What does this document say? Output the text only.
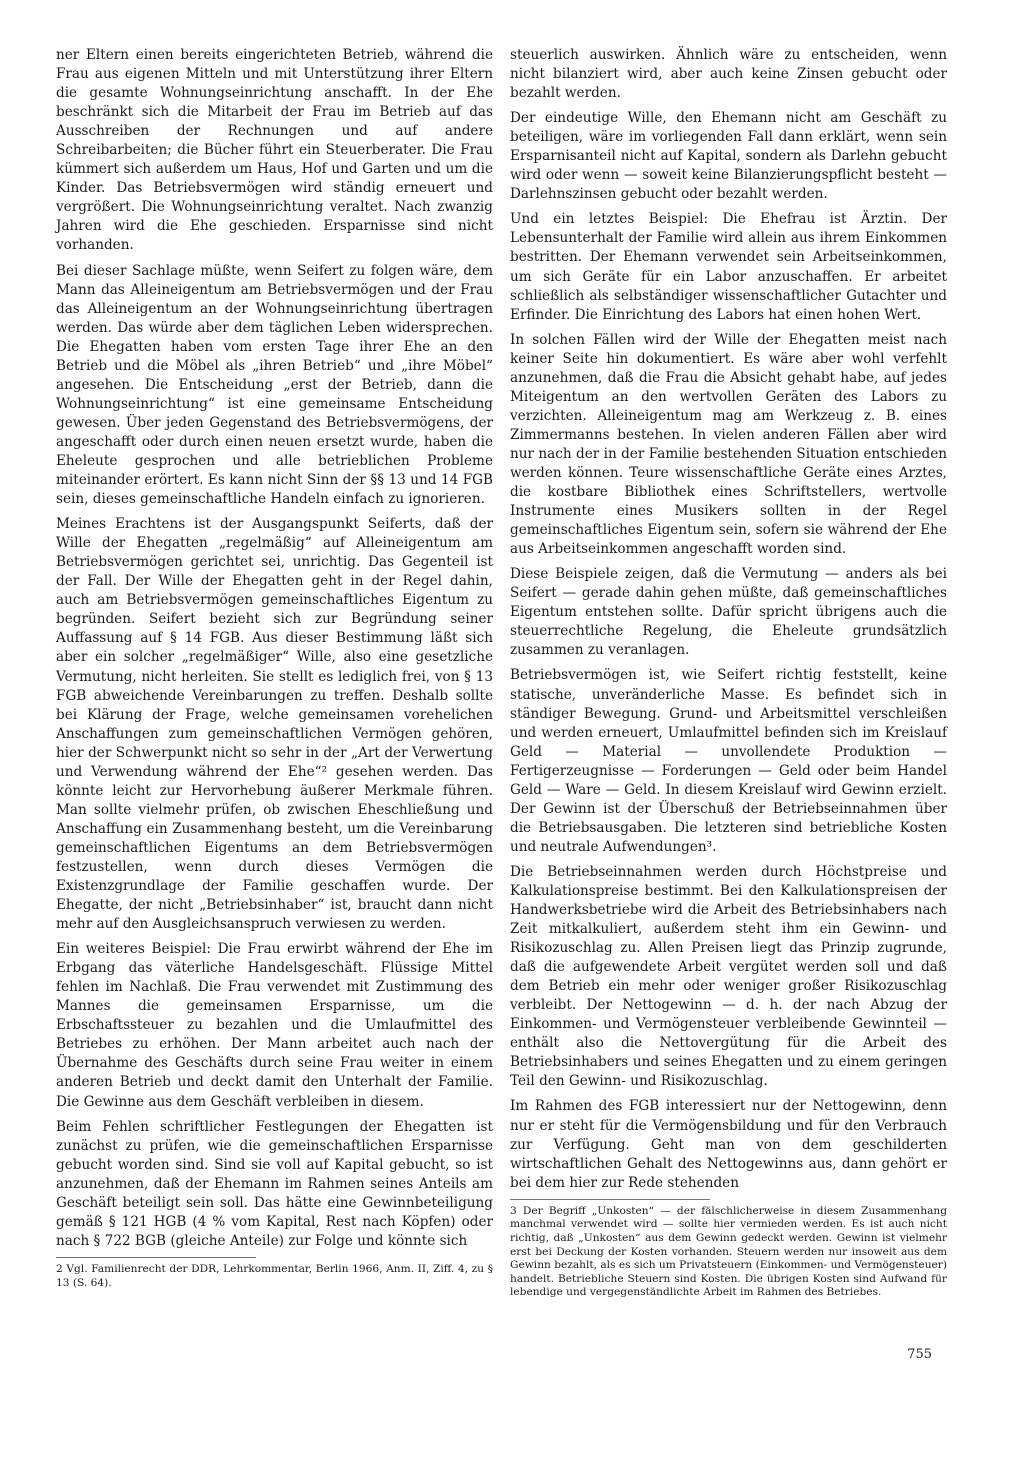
ner Eltern einen bereits eingerichteten Betrieb, während die Frau aus eigenen Mitteln und mit Unterstützung ihrer Eltern die gesamte Wohnungseinrichtung anschafft. In der Ehe beschränkt sich die Mitarbeit der Frau im Betrieb auf das Ausschreiben der Rechnungen und auf andere Schreibarbeiten; die Bücher führt ein Steuerberater. Die Frau kümmert sich außerdem um Haus, Hof und Garten und um die Kinder. Das Betriebsvermögen wird ständig erneuert und vergrößert. Die Wohnungseinrichtung veraltet. Nach zwanzig Jahren wird die Ehe geschieden. Ersparnisse sind nicht vorhanden.

Bei dieser Sachlage müßte, wenn Seifert zu folgen wäre, dem Mann das Alleineigentum am Betriebsvermögen und der Frau das Alleineigentum an der Wohnungseinrichtung übertragen werden. Das würde aber dem täglichen Leben widersprechen. Die Ehegatten haben vom ersten Tage ihrer Ehe an den Betrieb und die Möbel als „ihren Betrieb“ und „ihre Möbel“ angesehen. Die Entscheidung „erst der Betrieb, dann die Wohnungseinrichtung“ ist eine gemeinsame Entscheidung gewesen. Über jeden Gegenstand des Betriebsvermögens, der angeschafft oder durch einen neuen ersetzt wurde, haben die Eheleute gesprochen und alle betrieblichen Probleme miteinander erörtert. Es kann nicht Sinn der §§ 13 und 14 FGB sein, dieses gemeinschaftliche Handeln einfach zu ignorieren.

Meines Erachtens ist der Ausgangspunkt Seiferts, daß der Wille der Ehegatten „regelmäßig“ auf Alleineigentum am Betriebsvermögen gerichtet sei, unrichtig. Das Gegenteil ist der Fall. Der Wille der Ehegatten geht in der Regel dahin, auch am Betriebsvermögen gemeinschaftliches Eigentum zu begründen. Seifert bezieht sich zur Begründung seiner Auffassung auf § 14 FGB. Aus dieser Bestimmung läßt sich aber ein solcher „regelmäßiger“ Wille, also eine gesetzliche Vermutung, nicht herleiten. Sie stellt es lediglich frei, von § 13 FGB abweichende Vereinbarungen zu treffen. Deshalb sollte bei Klärung der Frage, welche gemeinsamen vorehelichen Anschaffungen zum gemeinschaftlichen Vermögen gehören, hier der Schwerpunkt nicht so sehr in der „Art der Verwertung und Verwendung während der Ehe“² gesehen werden. Das könnte leicht zur Hervorhebung äußerer Merkmale führen. Man sollte vielmehr prüfen, ob zwischen Eheschließung und Anschaffung ein Zusammenhang besteht, um die Vereinbarung gemeinschaftlichen Eigentums an dem Betriebsvermögen festzustellen, wenn durch dieses Vermögen die Existenzgrundlage der Familie geschaffen wurde. Der Ehegatte, der nicht „Betriebsinhaber“ ist, braucht dann nicht mehr auf den Ausgleichsanspruch verwiesen zu werden.

Ein weiteres Beispiel: Die Frau erwirbt während der Ehe im Erbgang das väterliche Handelsgeschäft. Flüssige Mittel fehlen im Nachlaß. Die Frau verwendet mit Zustimmung des Mannes die gemeinsamen Ersparnisse, um die Erbschaftssteuer zu bezahlen und die Umlaufmittel des Betriebes zu erhöhen. Der Mann arbeitet auch nach der Übernahme des Geschäfts durch seine Frau weiter in einem anderen Betrieb und deckt damit den Unterhalt der Familie. Die Gewinne aus dem Geschäft verbleiben in diesem.

Beim Fehlen schriftlicher Festlegungen der Ehegatten ist zunächst zu prüfen, wie die gemeinschaftlichen Ersparnisse gebucht worden sind. Sind sie voll auf Kapital gebucht, so ist anzunehmen, daß der Ehemann im Rahmen seines Anteils am Geschäft beteiligt sein soll. Das hätte eine Gewinnbeteiligung gemäß § 121 HGB (4 % vom Kapital, Rest nach Köpfen) oder nach § 722 BGB (gleiche Anteile) zur Folge und könnte sich

2 Vgl. Familienrecht der DDR, Lehrkommentar, Berlin 1966, Anm. II, Ziff. 4, zu § 13 (S. 64).

steuerlich auswirken. Ähnlich wäre zu entscheiden, wenn nicht bilanziert wird, aber auch keine Zinsen gebucht oder bezahlt werden.

Der eindeutige Wille, den Ehemann nicht am Geschäft zu beteiligen, wäre im vorliegenden Fall dann erklärt, wenn sein Ersparnisanteil nicht auf Kapital, sondern als Darlehn gebucht wird oder wenn — soweit keine Bilanzierungspflicht besteht — Darlehnszinsen gebucht oder bezahlt werden.

Und ein letztes Beispiel: Die Ehefrau ist Ärztin. Der Lebensunterhalt der Familie wird allein aus ihrem Einkommen bestritten. Der Ehemann verwendet sein Arbeitseinkommen, um sich Geräte für ein Labor anzuschaffen. Er arbeitet schließlich als selbständiger wissenschaftlicher Gutachter und Erfinder. Die Einrichtung des Labors hat einen hohen Wert.

In solchen Fällen wird der Wille der Ehegatten meist nach keiner Seite hin dokumentiert. Es wäre aber wohl verfehlt anzunehmen, daß die Frau die Absicht gehabt habe, auf jedes Miteigentum an den wertvollen Geräten des Labors zu verzichten. Alleineigentum mag am Werkzeug z. B. eines Zimmermanns bestehen. In vielen anderen Fällen aber wird nur nach der in der Familie bestehenden Situation entschieden werden können. Teure wissenschaftliche Geräte eines Arztes, die kostbare Bibliothek eines Schriftstellers, wertvolle Instrumente eines Musikers sollten in der Regel gemeinschaftliches Eigentum sein, sofern sie während der Ehe aus Arbeitseinkommen angeschafft worden sind.

Diese Beispiele zeigen, daß die Vermutung — anders als bei Seifert — gerade dahin gehen müßte, daß gemeinschaftliches Eigentum entstehen sollte. Dafür spricht übrigens auch die steuerrechtliche Regelung, die Eheleute grundsätzlich zusammen zu veranlagen.

Betriebsvermögen ist, wie Seifert richtig feststellt, keine statische, unveränderliche Masse. Es befindet sich in ständiger Bewegung. Grund- und Arbeitsmittel verschleißen und werden erneuert, Umlaufmittel befinden sich im Kreislauf Geld — Material — unvollendete Produktion — Fertigerzeugnisse — Forderungen — Geld oder beim Handel Geld — Ware — Geld. In diesem Kreislauf wird Gewinn erzielt. Der Gewinn ist der Überschuß der Betriebseinnahmen über die Betriebsausgaben. Die letzteren sind betriebliche Kosten und neutrale Aufwendungen³.

Die Betriebseinnahmen werden durch Höchstpreise und Kalkulationspreise bestimmt. Bei den Kalkulationspreisen der Handwerksbetriebe wird die Arbeit des Betriebsinhabers nach Zeit mitkalkuliert, außerdem steht ihm ein Gewinn- und Risikozuschlag zu. Allen Preisen liegt das Prinzip zugrunde, daß die aufgewendete Arbeit vergütet werden soll und daß dem Betrieb ein mehr oder weniger großer Risikozuschlag verbleibt. Der Nettogewinn — d. h. der nach Abzug der Einkommen- und Vermögensteuer verbleibende Gewinnteil — enthält also die Nettovergütung für die Arbeit des Betriebsinhabers und seines Ehegatten und zu einem geringen Teil den Gewinn- und Risikozuschlag.

Im Rahmen des FGB interessiert nur der Nettogewinn, denn nur er steht für die Vermögensbildung und für den Verbrauch zur Verfügung. Geht man von dem geschilderten wirtschaftlichen Gehalt des Nettogewinns aus, dann gehört er bei dem hier zur Rede stehenden

3 Der Begriff „Unkosten“ — der fälschlicherweise in diesem Zusammenhang manchmal verwendet wird — sollte hier vermieden werden. Es ist auch nicht richtig, daß „Unkosten“ aus dem Gewinn gedeckt werden. Gewinn ist vielmehr erst bei Deckung der Kosten vorhanden. Steuern werden nur insoweit aus dem Gewinn bezahlt, als es sich um Privatsteuern (Einkommen- und Vermögensteuer) handelt. Betriebliche Steuern sind Kosten. Die übrigen Kosten sind Aufwand für lebendige und vergegenständlichte Arbeit im Rahmen des Betriebes.

755
